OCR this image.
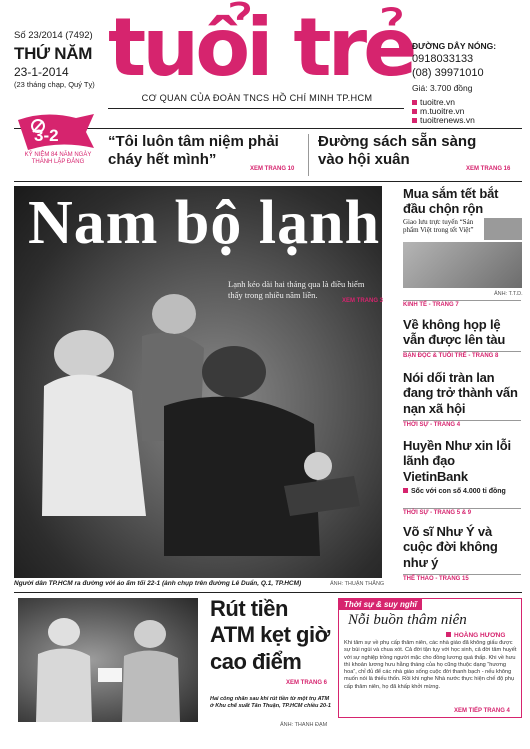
Số 23/2014 (7492)
THỨ NĂM
23-1-2014
(23 tháng chạp, Quý Tỵ) tuổi trẻ
CƠ QUAN CỦA ĐOÀN TNCS HỒ CHÍ MINH TP.HCM
ĐƯỜNG DÂY NÓNG:
0918033133
(08) 39971010
Giá: 3.700 đồng
tuoitre.vn
m.tuoitre.vn
tuoitrenews.vn
3-2
KỶ NIỆM 84 NĂM NGÀY THÀNH LẬP ĐẢNG
“Tôi luôn tâm niệm phải cháy hết mình”
XEM TRANG 10
Đường sách sẵn sàng vào hội xuân
XEM TRANG 16
Nam bộ lạnh
Lạnh kéo dài hai tháng qua là điều hiếm thấy trong nhiều năm liền.
XEM TRANG 3
Người dân TP.HCM ra đường với áo ấm tối 22-1 (ảnh chụp trên đường Lê Duẩn, Q.1, TP.HCM)	ẢNH: THUẬN THẮNG
Mua sắm tết bắt đầu chộn rộn
Giao lưu trực tuyến “Sản phẩm Việt trong tết Việt”
ẢNH: T.T.D.
KINH TẾ - TRANG 7
Về không họp lệ vẫn được lên tàu
BẠN ĐỌC & TUỔI TRẺ - TRANG 8
Nói dối tràn lan đang trở thành vấn nạn xã hội
THỜI SỰ - TRANG 4
Huyền Như xin lỗi lãnh đạo VietinBank
Sốc với con số 4.000 tỉ đồng
THỜI SỰ - TRANG 5 & 9
Võ sĩ Như Ý và cuộc đời không như ý
THỂ THAO - TRANG 15
Rút tiền ATM kẹt giờ cao điểm
XEM TRANG 6
Hai công nhân sau khi rút tiền từ một trụ ATM ở Khu chế xuất Tân Thuận, TP.HCM chiều 20-1
ẢNH: THANH ĐẠM
Thời sự & suy nghĩ
Nỗi buồn thâm niên
HOÀNG HƯƠNG
Khi tâm sự về phụ cấp thâm niên, các nhà giáo đã không giấu được sự bùi ngùi và chua xót. Cả đời tận tụy với học sinh, cả đời tâm huyết với sự nghiệp trồng người mặc cho đồng lương quá thấp. Khi về hưu thì khoản lương hưu hằng tháng của họ cũng thuộc dạng “hương hoa”, chỉ đủ để các nhà giáo sống cuộc đời thanh bạch - nếu không muốn nói là thiếu thốn. Rồi khi nghe Nhà nước thực hiện chế độ phụ cấp thâm niên, họ đã khấp khởi mừng.
XEM TIẾP TRANG 4
